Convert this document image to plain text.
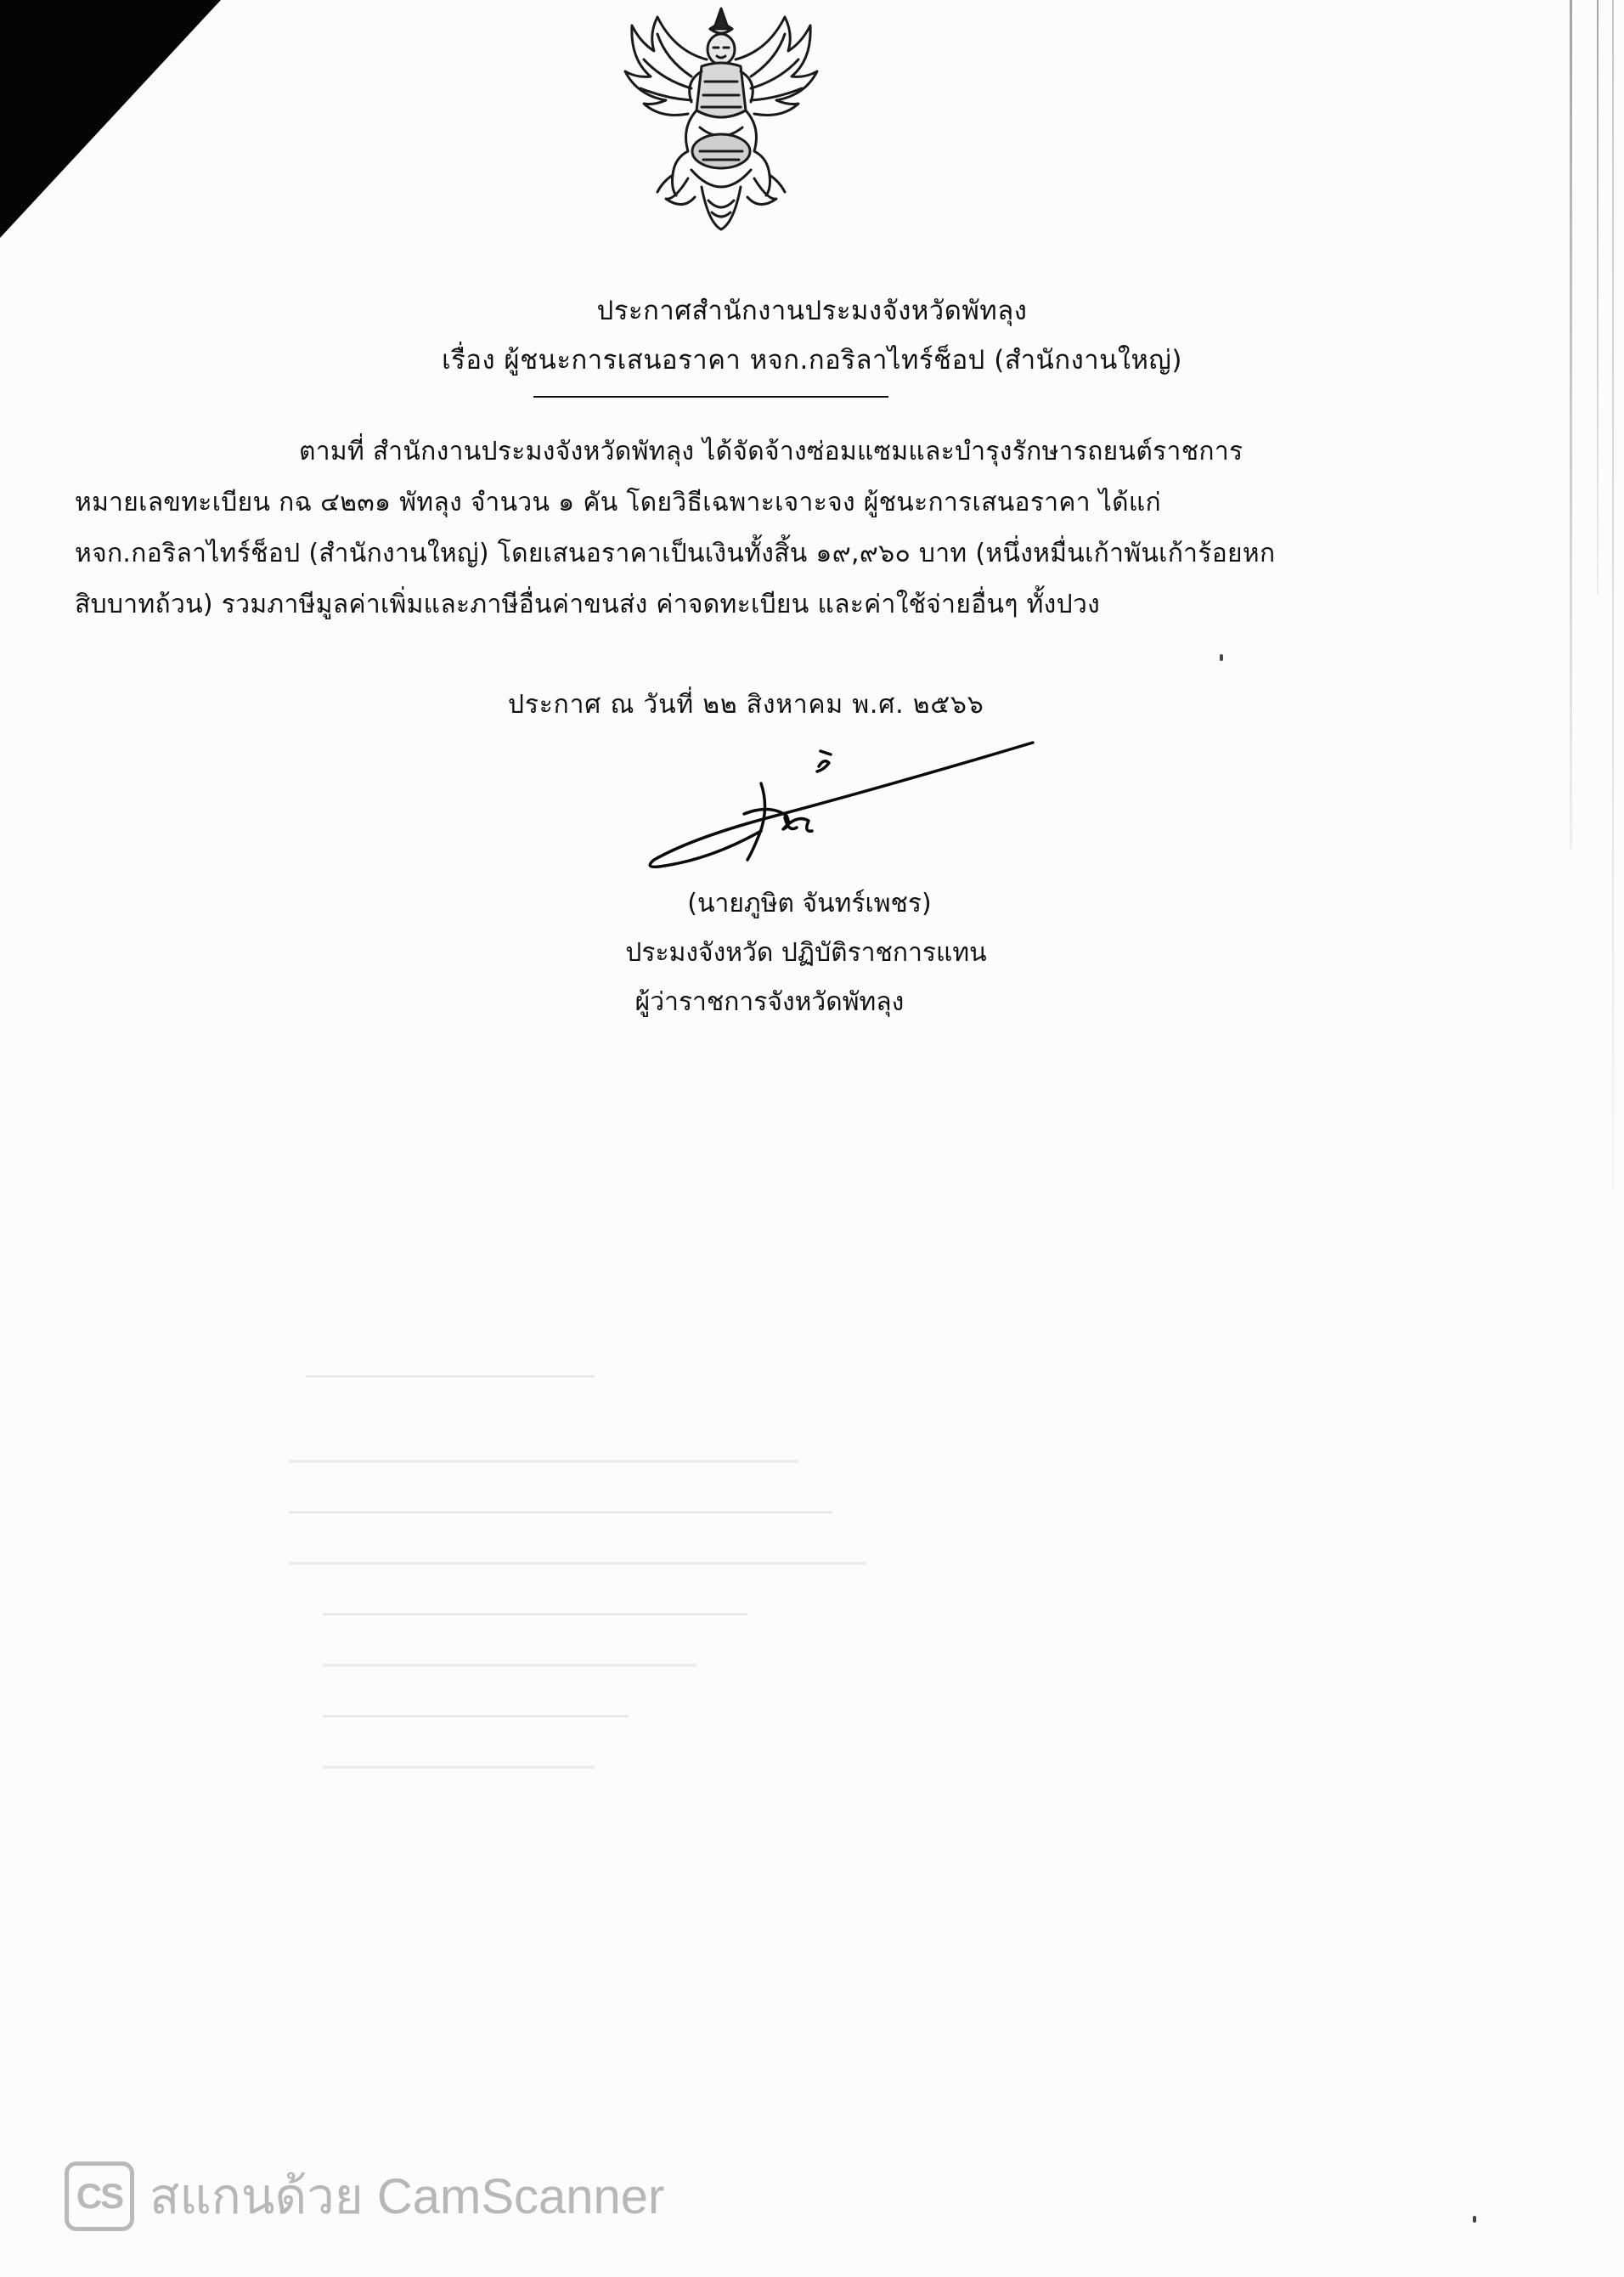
ประกาศสำนักงานประมงจังหวัดพัทลุง
เรื่อง ผู้ชนะการเสนอราคา หจก.กอริลาไทร์ช็อป (สำนักงานใหญ่)
ตามที่ สำนักงานประมงจังหวัดพัทลุง ได้จัดจ้างซ่อมแซมและบำรุงรักษารถยนต์ราชการ
หมายเลขทะเบียน กฉ ๔๒๓๑ พัทลุง จำนวน ๑ คัน โดยวิธีเฉพาะเจาะจง ผู้ชนะการเสนอราคา ได้แก่
หจก.กอริลาไทร์ช็อป (สำนักงานใหญ่) โดยเสนอราคาเป็นเงินทั้งสิ้น ๑๙,๙๖๐ บาท (หนึ่งหมื่นเก้าพันเก้าร้อยหก
สิบบาทถ้วน) รวมภาษีมูลค่าเพิ่มและภาษีอื่นค่าขนส่ง ค่าจดทะเบียน และค่าใช้จ่ายอื่นๆ ทั้งปวง
ประกาศ ณ วันที่ ๒๒ สิงหาคม พ.ศ. ๒๕๖๖
(นายภูษิต จันทร์เพชร)
ประมงจังหวัด ปฏิบัติราชการแทน
ผู้ว่าราชการจังหวัดพัทลุง
CS สแกนด้วย CamScanner
